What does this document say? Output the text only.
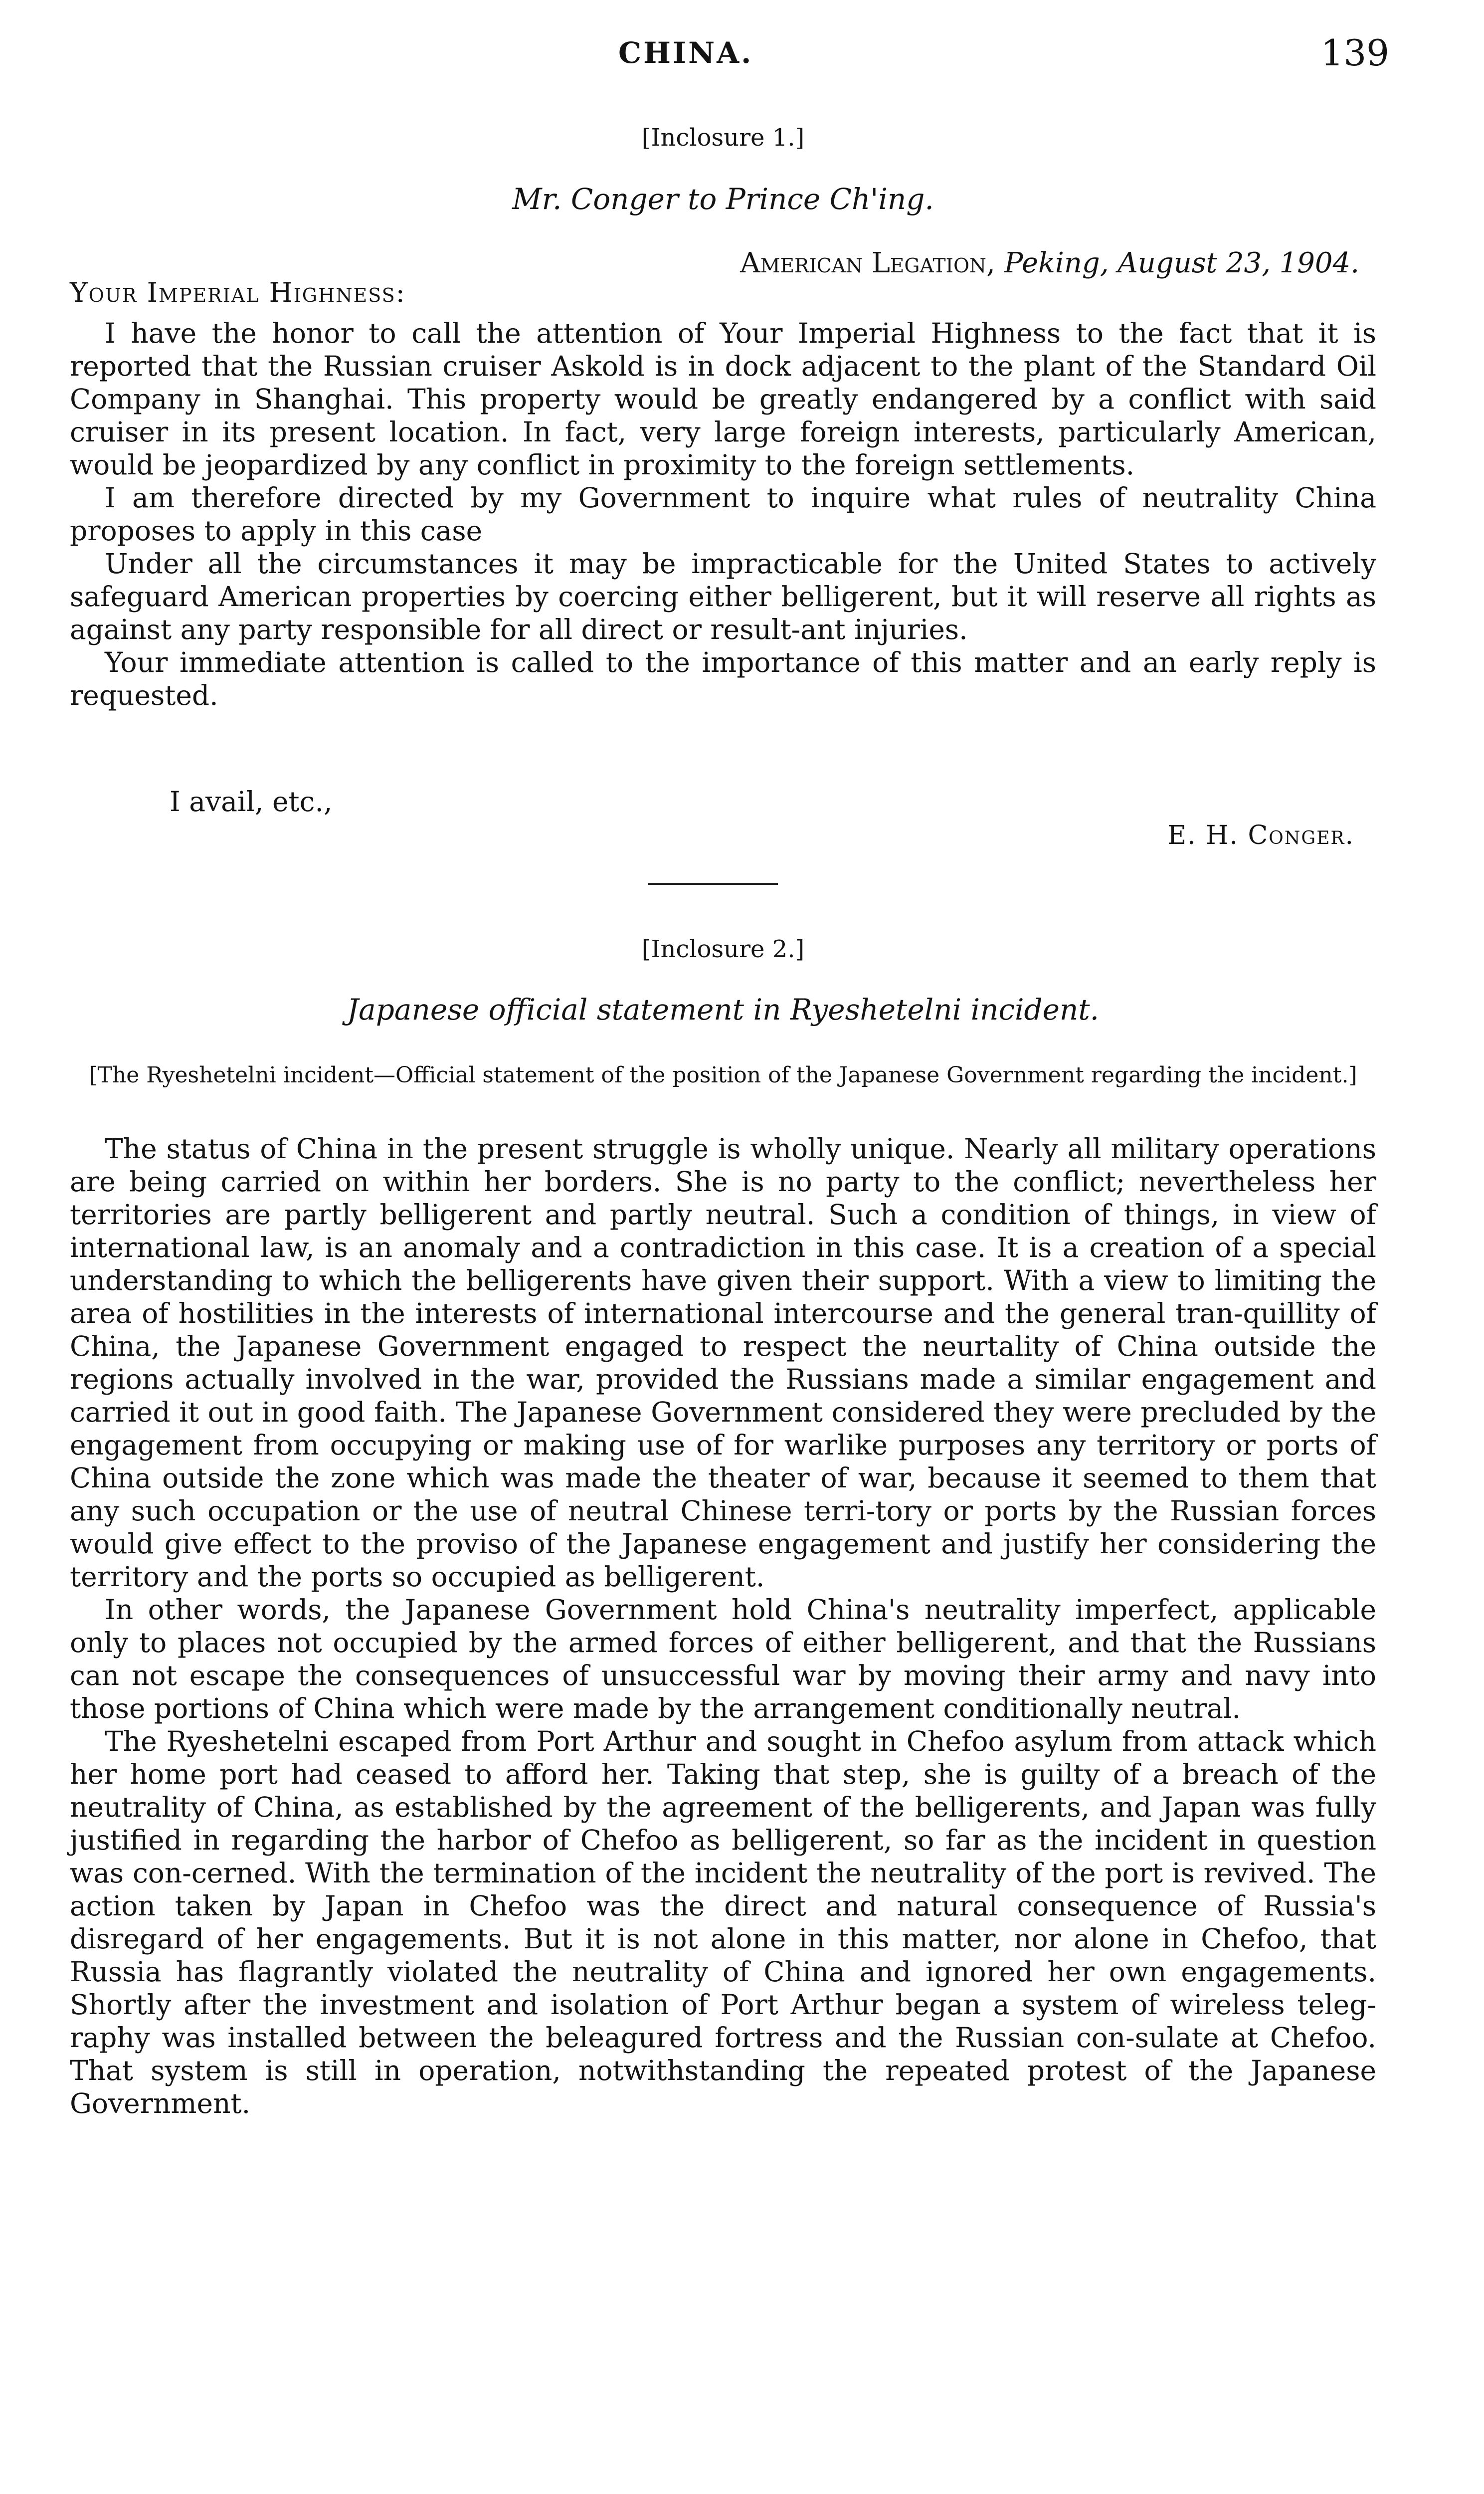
CHINA.	139
[Inclosure 1.]
Mr. Conger to Prince Ch'ing.
American Legation, Peking, August 23, 1904.
Your Imperial Highness:

I have the honor to call the attention of Your Imperial Highness to the fact that it is reported that the Russian cruiser Askold is in dock adjacent to the plant of the Standard Oil Company in Shanghai. This property would be greatly endangered by a conflict with said cruiser in its present location. In fact, very large foreign interests, particularly American, would be jeopardized by any conflict in proximity to the foreign settlements.

I am therefore directed by my Government to inquire what rules of neutrality China proposes to apply in this case

Under all the circumstances it may be impracticable for the United States to actively safeguard American properties by coercing either belligerent, but it will reserve all rights as against any party responsible for all direct or result-ant injuries.

Your immediate attention is called to the importance of this matter and an early reply is requested.

I avail, etc.,
E. H. Conger.
[Inclosure 2.]
Japanese official statement in Ryeshetelni incident.
[The Ryeshetelni incident—Official statement of the position of the Japanese Government regarding the incident.]

The status of China in the present struggle is wholly unique. Nearly all military operations are being carried on within her borders. She is no party to the conflict; nevertheless her territories are partly belligerent and partly neutral. Such a condition of things, in view of international law, is an anomaly and a contradiction in this case. It is a creation of a special understanding to which the belligerents have given their support. With a view to limiting the area of hostilities in the interests of international intercourse and the general tran-quillity of China, the Japanese Government engaged to respect the neurtality of China outside the regions actually involved in the war, provided the Russians made a similar engagement and carried it out in good faith. The Japanese Government considered they were precluded by the engagement from occupying or making use of for warlike purposes any territory or ports of China outside the zone which was made the theater of war, because it seemed to them that any such occupation or the use of neutral Chinese terri-tory or ports by the Russian forces would give effect to the proviso of the Japanese engagement and justify her considering the territory and the ports so occupied as belligerent.

In other words, the Japanese Government hold China's neutrality imperfect, applicable only to places not occupied by the armed forces of either belligerent, and that the Russians can not escape the consequences of unsuccessful war by moving their army and navy into those portions of China which were made by the arrangement conditionally neutral.

The Ryeshetelni escaped from Port Arthur and sought in Chefoo asylum from attack which her home port had ceased to afford her. Taking that step, she is guilty of a breach of the neutrality of China, as established by the agreement of the belligerents, and Japan was fully justified in regarding the harbor of Chefoo as belligerent, so far as the incident in question was con-cerned. With the termination of the incident the neutrality of the port is revived. The action taken by Japan in Chefoo was the direct and natural consequence of Russia's disregard of her engagements. But it is not alone in this matter, nor alone in Chefoo, that Russia has flagrantly violated the neutrality of China and ignored her own engagements. Shortly after the investment and isolation of Port Arthur began a system of wireless teleg-raphy was installed between the beleagured fortress and the Russian con-sulate at Chefoo. That system is still in operation, notwithstanding the repeated protest of the Japanese Government.
